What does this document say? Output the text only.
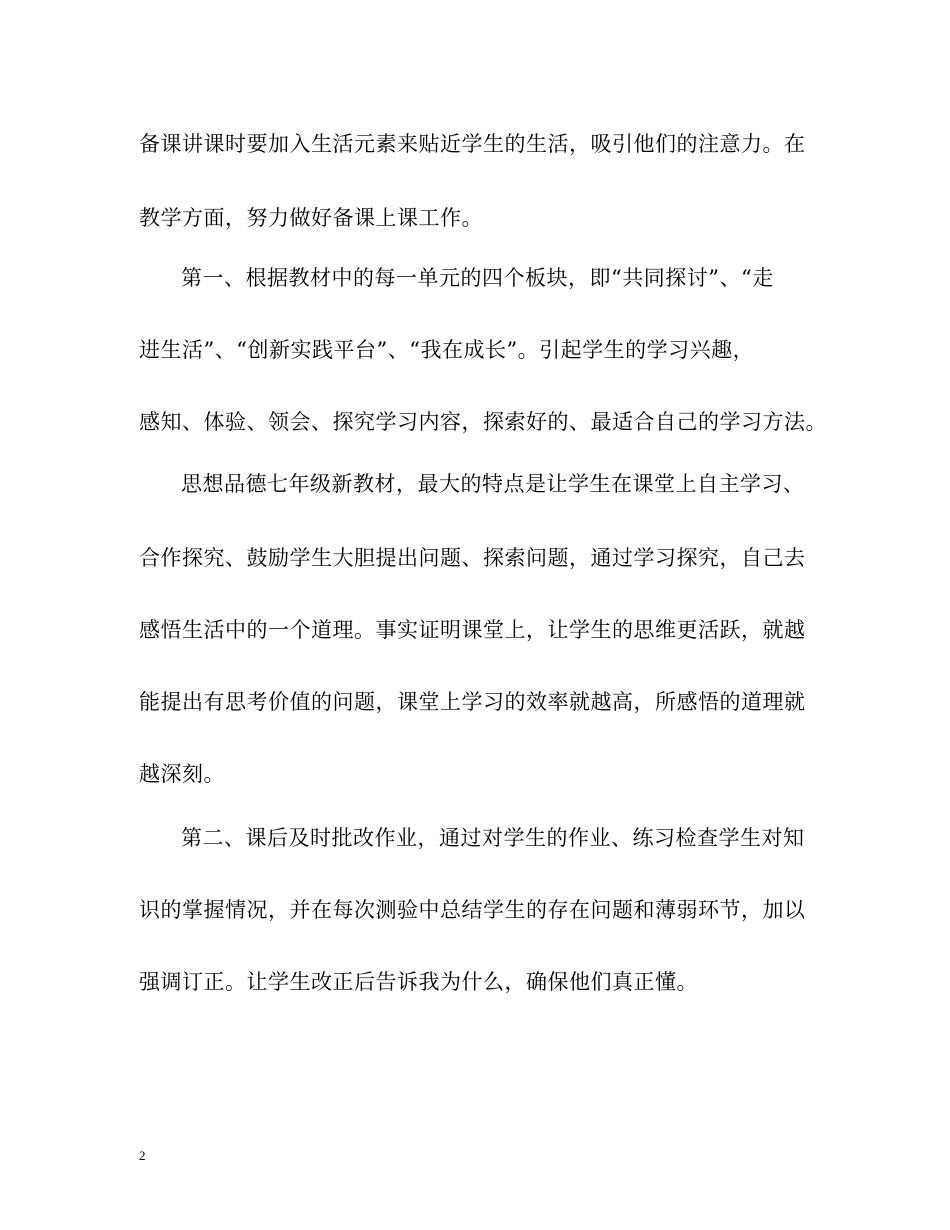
备课讲课时要加入生活元素来贴近学生的生活，吸引他们的注意力。在
教学方面，努力做好备课上课工作。
第一、根据教材中的每一单元的四个板块，即“共同探讨”、“走
进生活”、“创新实践平台”、“我在成长”。引起学生的学习兴趣，
感知、体验、领会、探究学习内容，探索好的、最适合自己的学习方法。
思想品德七年级新教材，最大的特点是让学生在课堂上自主学习、
合作探究、鼓励学生大胆提出问题、探索问题，通过学习探究，自己去
感悟生活中的一个道理。事实证明课堂上，让学生的思维更活跃，就越
能提出有思考价值的问题，课堂上学习的效率就越高，所感悟的道理就
越深刻。
第二、课后及时批改作业，通过对学生的作业、练习检查学生对知
识的掌握情况，并在每次测验中总结学生的存在问题和薄弱环节，加以
强调订正。让学生改正后告诉我为什么，确保他们真正懂。
2
